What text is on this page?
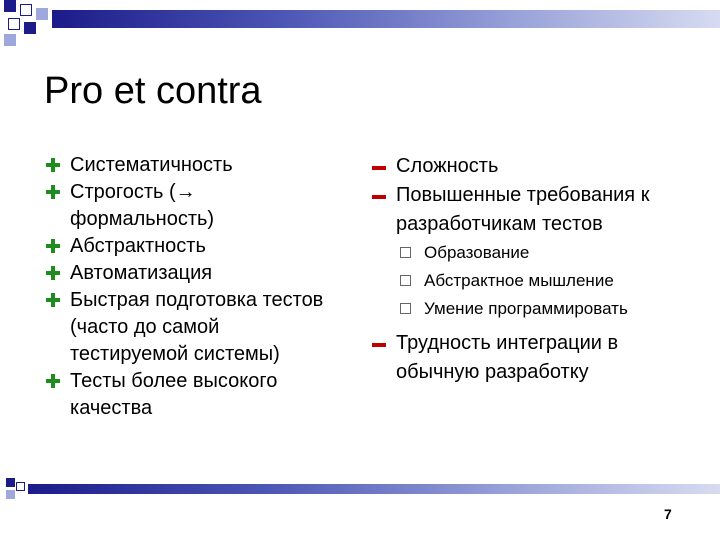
Pro et contra

Систематичность

Строгость (→ формальность)

Абстрактность

Автоматизация

Быстрая подготовка тестов (часто до самой тестируемой системы)

Тесты более высокого качества

Сложность

Повышенные требования к разработчикам тестов

Образование
Абстрактное мышление
Умение программировать

Трудность интеграции в обычную разработку

7
